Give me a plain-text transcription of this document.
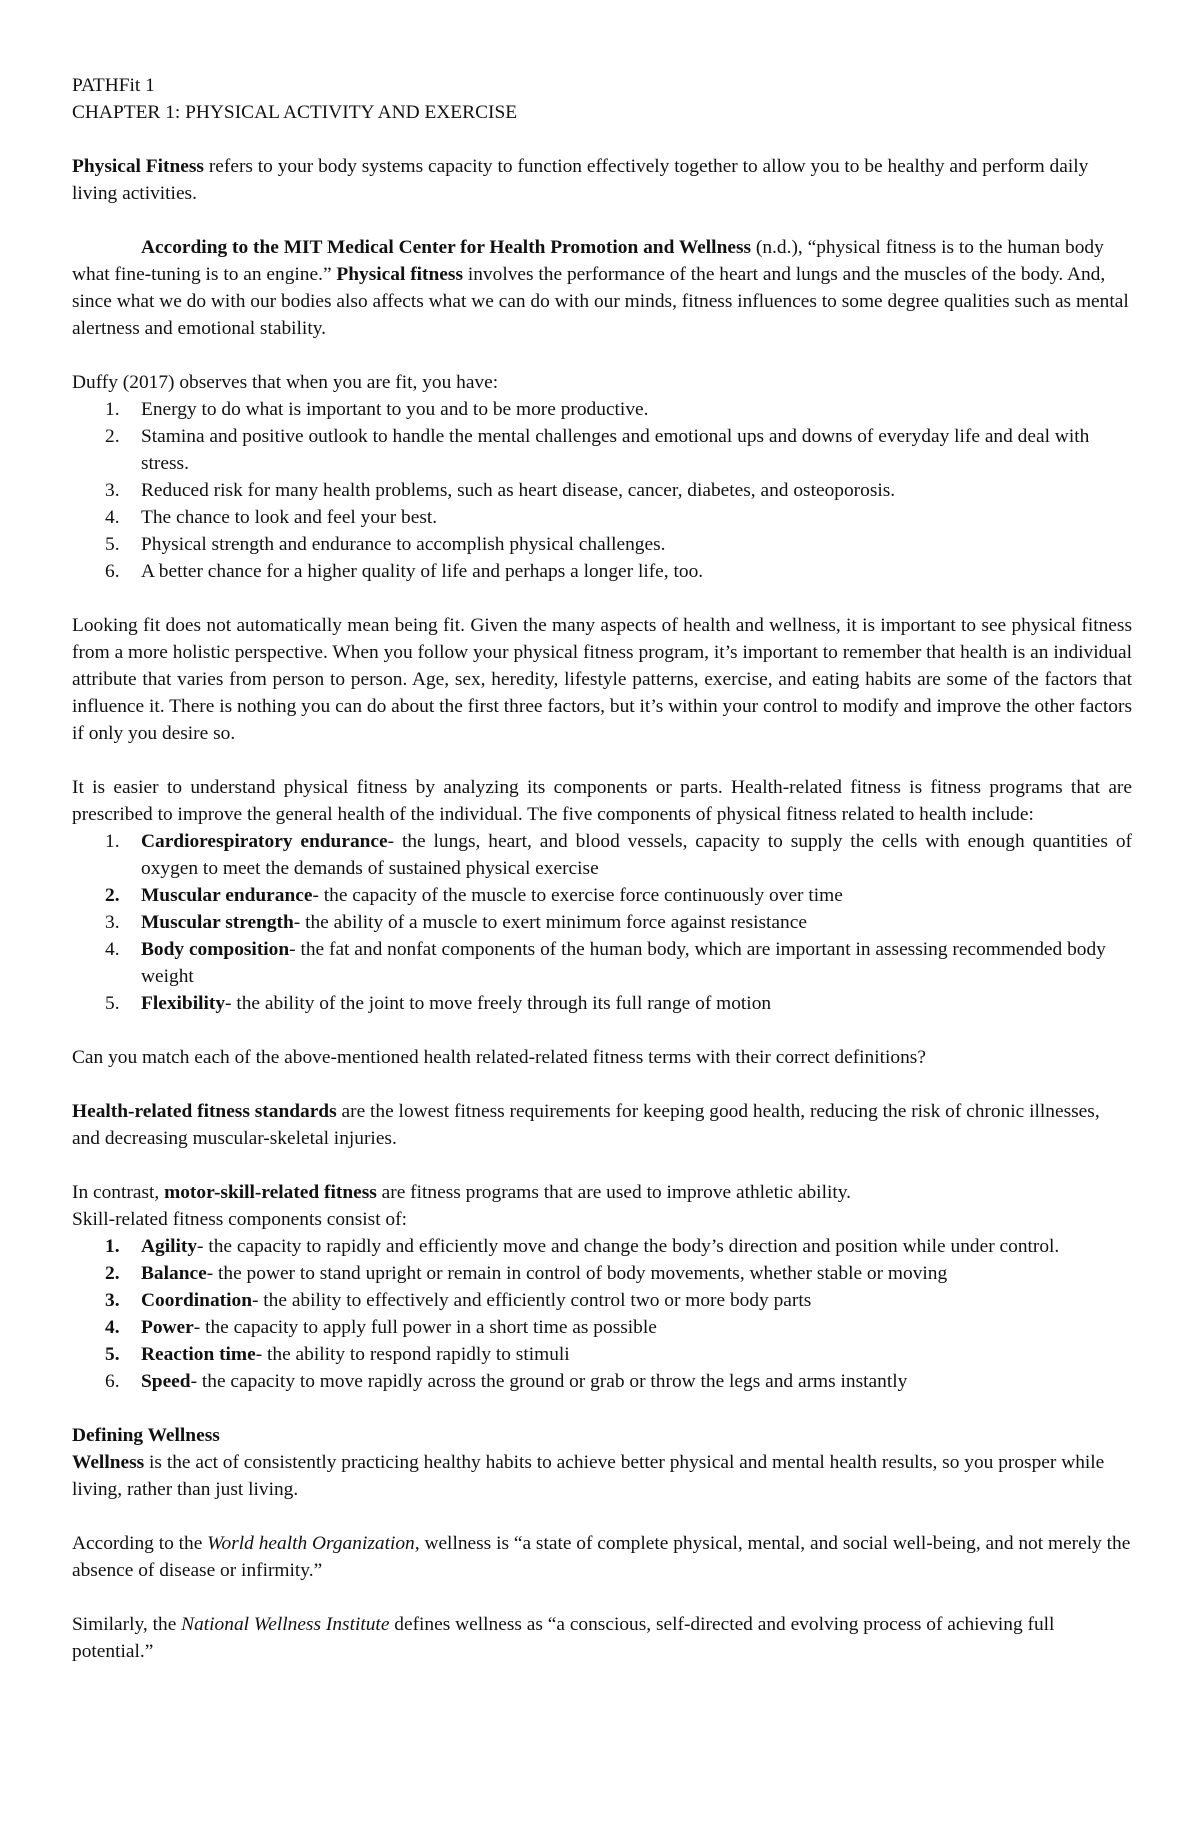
PATHFit 1

CHAPTER 1: PHYSICAL ACTIVITY AND EXERCISE

Physical Fitness refers to your body systems capacity to function effectively together to allow you to be healthy and perform daily living activities.

According to the MIT Medical Center for Health Promotion and Wellness (n.d.), “physical fitness is to the human body what fine-tuning is to an engine.” Physical fitness involves the performance of the heart and lungs and the muscles of the body. And, since what we do with our bodies also affects what we can do with our minds, fitness influences to some degree qualities such as mental alertness and emotional stability.

Duffy (2017) observes that when you are fit, you have:

1.	Energy to do what is important to you and to be more productive.
2.	Stamina and positive outlook to handle the mental challenges and emotional ups and downs of everyday life and deal with stress.
3.	Reduced risk for many health problems, such as heart disease, cancer, diabetes, and osteoporosis.
4.	The chance to look and feel your best.
5.	Physical strength and endurance to accomplish physical challenges.
6.	A better chance for a higher quality of life and perhaps a longer life, too.

Looking fit does not automatically mean being fit. Given the many aspects of health and wellness, it is important to see physical fitness from a more holistic perspective. When you follow your physical fitness program, it’s important to remember that health is an individual attribute that varies from person to person. Age, sex, heredity, lifestyle patterns, exercise, and eating habits are some of the factors that influence it. There is nothing you can do about the first three factors, but it’s within your control to modify and improve the other factors if only you desire so.

It is easier to understand physical fitness by analyzing its components or parts. Health-related fitness is fitness programs that are prescribed to improve the general health of the individual. The five components of physical fitness related to health include:

1.	Cardiorespiratory endurance- the lungs, heart, and blood vessels, capacity to supply the cells with enough quantities of oxygen to meet the demands of sustained physical exercise
2.	Muscular endurance- the capacity of the muscle to exercise force continuously over time
3.	Muscular strength- the ability of a muscle to exert minimum force against resistance
4.	Body composition- the fat and nonfat components of the human body, which are important in assessing recommended body weight
5.	Flexibility- the ability of the joint to move freely through its full range of motion

Can you match each of the above-mentioned health related-related fitness terms with their correct definitions?

Health-related fitness standards are the lowest fitness requirements for keeping good health, reducing the risk of chronic illnesses, and decreasing muscular-skeletal injuries.

In contrast, motor-skill-related fitness are fitness programs that are used to improve athletic ability.

Skill-related fitness components consist of:

1.	Agility- the capacity to rapidly and efficiently move and change the body’s direction and position while under control.
2.	Balance- the power to stand upright or remain in control of body movements, whether stable or moving
3.	Coordination- the ability to effectively and efficiently control two or more body parts
4.	Power- the capacity to apply full power in a short time as possible
5.	Reaction time- the ability to respond rapidly to stimuli
6.	Speed- the capacity to move rapidly across the ground or grab or throw the legs and arms instantly

Defining Wellness

Wellness is the act of consistently practicing healthy habits to achieve better physical and mental health results, so you prosper while living, rather than just living.

According to the World health Organization, wellness is “a state of complete physical, mental, and social well-being, and not merely the absence of disease or infirmity.”

Similarly, the National Wellness Institute defines wellness as “a conscious, self-directed and evolving process of achieving full potential.”
